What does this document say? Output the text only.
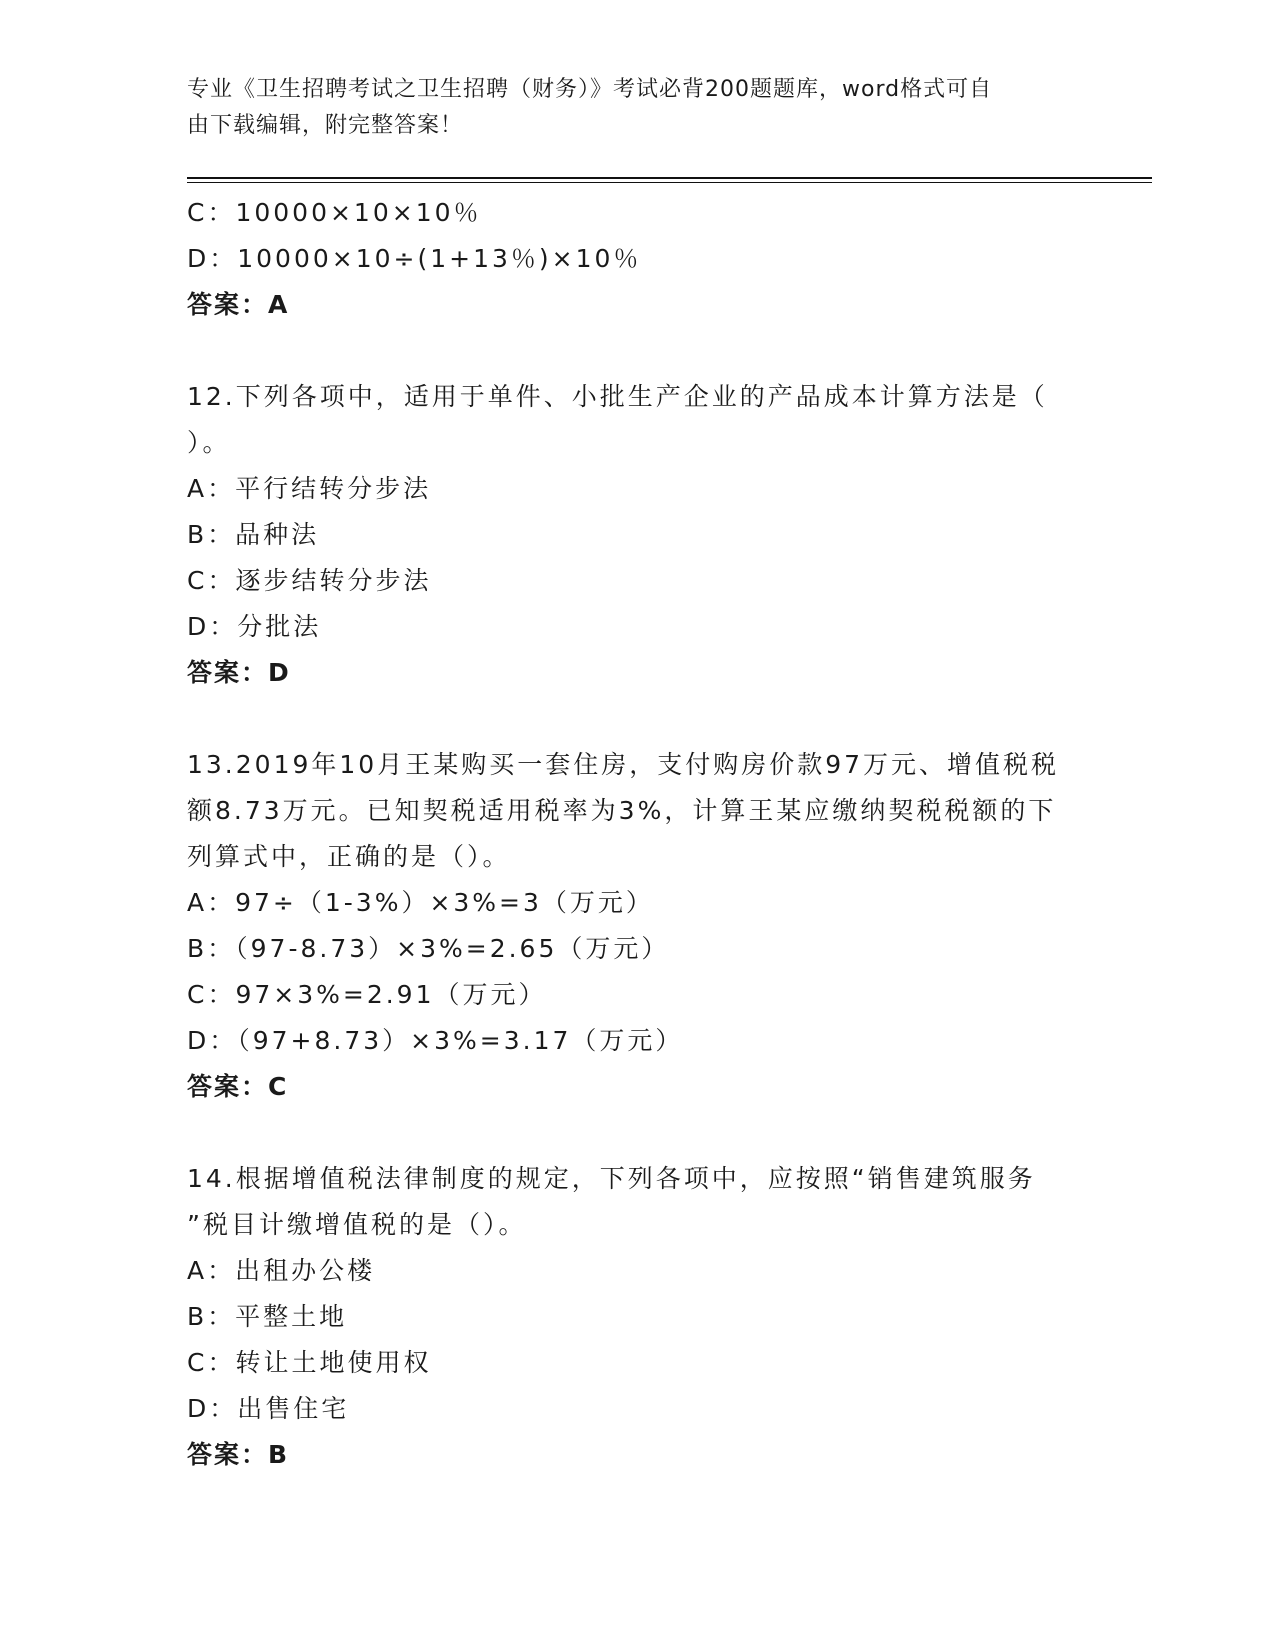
专业《卫生招聘考试之卫生招聘（财务）》考试必背200题题库，word格式可自
由下载编辑，附完整答案！
C：10000×10×10％
D：10000×10÷(1+13％)×10％
答案：A
12.下列各项中，适用于单件、小批生产企业的产品成本计算方法是（
）。
A：平行结转分步法
B：品种法
C：逐步结转分步法
D：分批法
答案：D
13.2019年10月王某购买一套住房，支付购房价款97万元、增值税税
额8.73万元。已知契税适用税率为3%，计算王某应缴纳契税税额的下
列算式中，正确的是（）。
A：97÷（1-3%）×3%=3（万元）
B：（97-8.73）×3%=2.65（万元）
C：97×3%=2.91（万元）
D：（97+8.73）×3%=3.17（万元）
答案：C
14.根据增值税法律制度的规定，下列各项中，应按照“销售建筑服务
”税目计缴增值税的是（）。
A：出租办公楼
B：平整土地
C：转让土地使用权
D：出售住宅
答案：B
